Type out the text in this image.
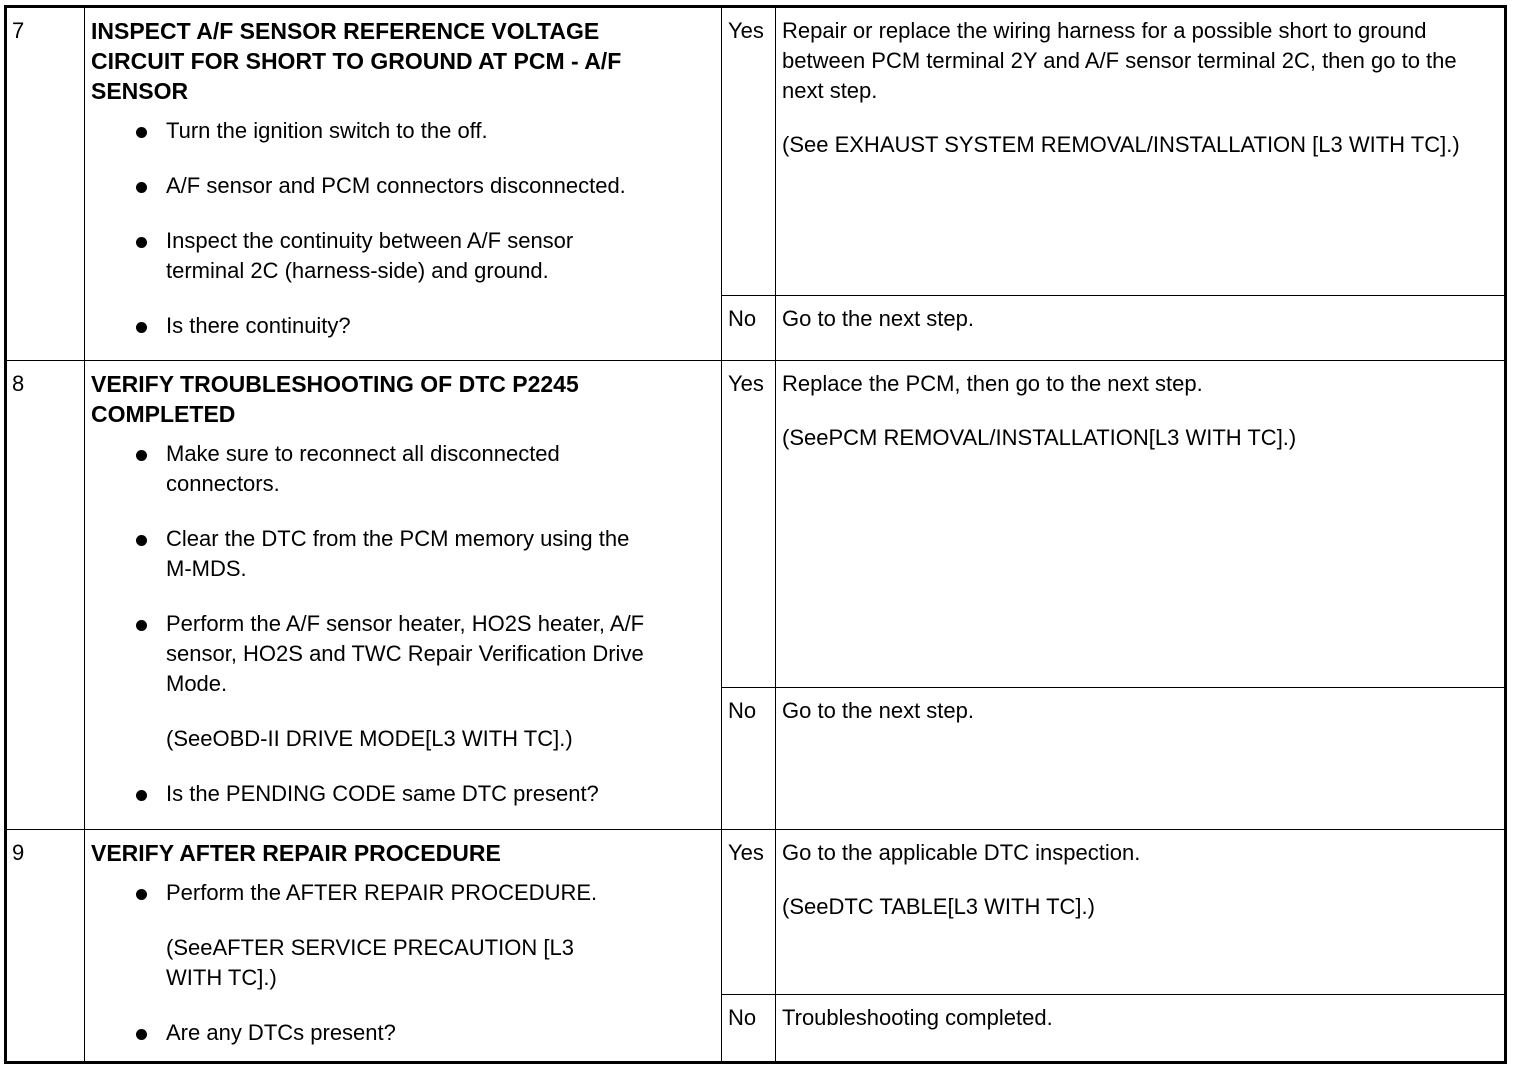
7	INSPECT A/F SENSOR REFERENCE VOLTAGE CIRCUIT FOR SHORT TO GROUND AT PCM - A/F SENSOR
Turn the ignition switch to the off.
A/F sensor and PCM connectors disconnected.
Inspect the continuity between A/F sensor terminal 2C (harness-side) and ground.
Is there continuity?
Yes Repair or replace the wiring harness for a possible short to ground between PCM terminal 2Y and A/F sensor terminal 2C, then go to the next step.

(See EXHAUST SYSTEM REMOVAL/INSTALLATION [L3 WITH TC].)

No	Go to the next step.

8	VERIFY TROUBLESHOOTING OF DTC P2245 COMPLETED
Make sure to reconnect all disconnected connectors.
Clear the DTC from the PCM memory using the M-MDS.
Perform the A/F sensor heater, HO2S heater, A/F sensor, HO2S and TWC Repair Verification Drive Mode.
(SeeOBD-II DRIVE MODE[L3 WITH TC].)
Is the PENDING CODE same DTC present?
Yes Replace the PCM, then go to the next step.

(SeePCM REMOVAL/INSTALLATION[L3 WITH TC].)

No	Go to the next step.

9	VERIFY AFTER REPAIR PROCEDURE
Perform the AFTER REPAIR PROCEDURE.
(SeeAFTER SERVICE PRECAUTION [L3 WITH TC].)
Are any DTCs present?
Yes Go to the applicable DTC inspection.

(SeeDTC TABLE[L3 WITH TC].)

No	Troubleshooting completed.
